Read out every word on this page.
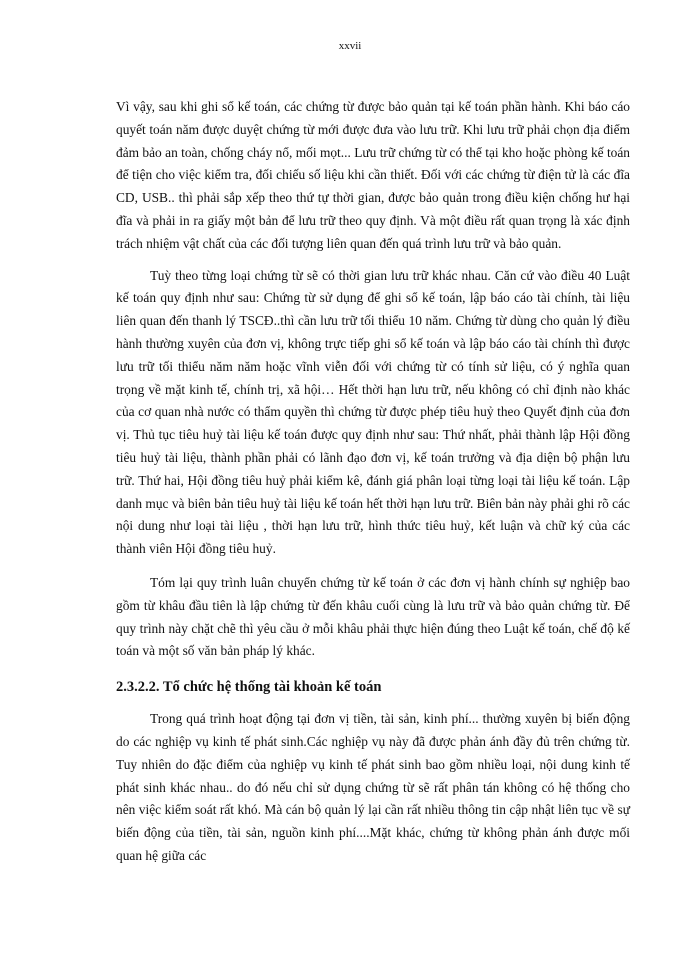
xxvii

Vì vậy, sau khi ghi sổ kế toán, các chứng từ được bảo quản tại kế toán phần hành. Khi báo cáo quyết toán năm được duyệt chứng từ mới được đưa vào lưu trữ. Khi lưu trữ phải chọn địa điểm đảm bảo an toàn, chống cháy nổ, mối mọt... Lưu trữ chứng từ có thể tại kho hoặc phòng kế toán để tiện cho việc kiểm tra, đối chiếu số liệu khi cần thiết. Đối với các chứng từ điện tử là các đĩa CD, USB.. thì phải sắp xếp theo thứ tự thời gian, được bảo quản trong điều kiện chống hư hại đĩa và phải in ra giấy một bản để lưu trữ theo quy định. Và một điều rất quan trọng là xác định trách nhiệm vật chất của các đối tượng liên quan đến quá trình lưu trữ và bảo quản.

Tuỳ theo từng loại chứng từ sẽ có thời gian lưu trữ khác nhau. Căn cứ vào điều 40 Luật kế toán quy định như sau: Chứng từ sử dụng để ghi sổ kế toán, lập báo cáo tài chính, tài liệu liên quan đến thanh lý TSCĐ..thì cần lưu trữ tối thiểu 10 năm. Chứng từ dùng cho quản lý điều hành thường xuyên của đơn vị, không trực tiếp ghi sổ kế toán và lập báo cáo tài chính thì được lưu trữ tối thiểu năm năm hoặc vĩnh viễn đối với chứng từ có tính sử liệu, có ý nghĩa quan trọng về mặt kinh tế, chính trị, xã hội… Hết thời hạn lưu trữ, nếu không có chỉ định nào khác của cơ quan nhà nước có thẩm quyền thì chứng từ được phép tiêu huỷ theo Quyết định của đơn vị. Thủ tục tiêu huỷ tài liệu kế toán được quy định như sau: Thứ nhất, phải thành lập Hội đồng tiêu huỷ tài liệu, thành phần phải có lãnh đạo đơn vị, kế toán trưởng và địa diện bộ phận lưu trữ. Thứ hai, Hội đồng tiêu huỷ phải kiểm kê, đánh giá phân loại từng loại tài liệu kế toán. Lập danh mục và biên bản tiêu huỷ tài liệu kế toán hết thời hạn lưu trữ. Biên bản này phải ghi rõ các nội dung như loại tài liệu , thời hạn lưu trữ, hình thức tiêu huỷ, kết luận và chữ ký của các thành viên Hội đồng tiêu huỷ.

Tóm lại quy trình luân chuyển chứng từ kế toán ở các đơn vị hành chính sự nghiệp bao gồm từ khâu đầu tiên là lập chứng từ đến khâu cuối cùng là lưu trữ và bảo quản chứng từ. Để quy trình này chặt chẽ thì yêu cầu ở mỗi khâu phải thực hiện đúng theo Luật kế toán, chế độ kế toán và một số văn bản pháp lý khác.

2.3.2.2. Tổ chức hệ thống tài khoản kế toán

Trong quá trình hoạt động tại đơn vị tiền, tài sản, kinh phí... thường xuyên bị biến động do các nghiệp vụ kinh tế phát sinh.Các nghiệp vụ này đã được phản ánh đầy đủ trên chứng từ. Tuy nhiên do đặc điểm của nghiệp vụ kinh tế phát sinh bao gồm nhiều loại, nội dung kinh tế phát sinh khác nhau.. do đó nếu chỉ sử dụng chứng từ sẽ rất phân tán không có hệ thống cho nên việc kiểm soát rất khó. Mà cán bộ quản lý lại cần rất nhiều thông tin cập nhật liên tục về sự biến động của tiền, tài sản, nguồn kinh phí....Mặt khác, chứng từ không phản ánh được mối quan hệ giữa các
